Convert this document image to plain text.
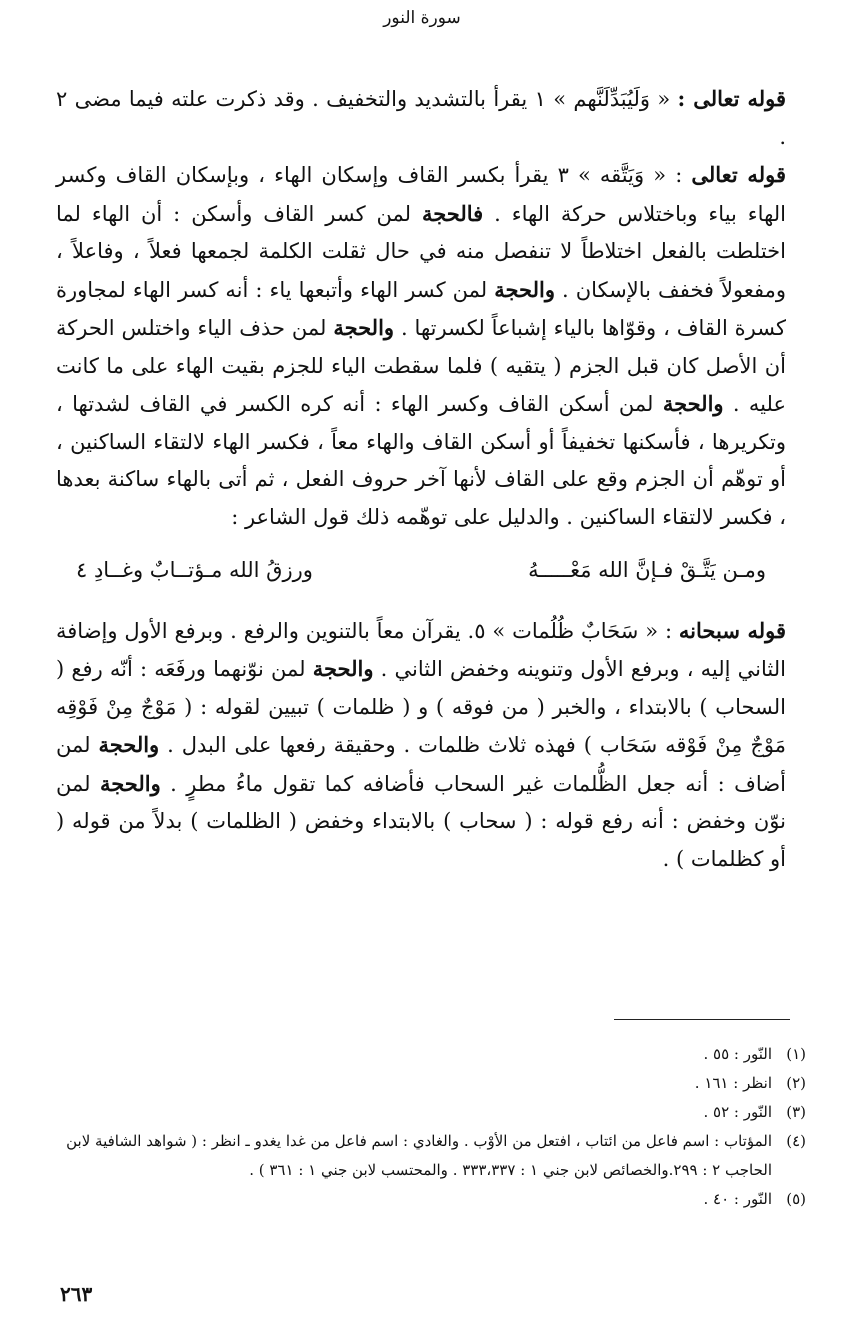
سورة النور

قوله تعالى : « وَلَيُبَدِّلَنَّهم » ١ يقرأ بالتشديد والتخفيف . وقد ذكرت علته فيما مضى ٢ .

قوله تعالى : « وَيَتَّقه » ٣ يقرأ بكسر القاف وإسكان الهاء ، وبإسكان القاف وكسر الهاء بياء وباختلاس حركة الهاء . فالحجة لمن كسر القاف وأسكن : أن الهاء لما اختلطت بالفعل اختلاطاً لا تنفصل منه في حال ثقلت الكلمة لجمعها فعلاً ، وفاعلاً ، ومفعولاً فخفف بالإسكان . والحجة لمن كسر الهاء وأتبعها ياء : أنه كسر الهاء لمجاورة كسرة القاف ، وقوّاها بالياء إشباعاً لكسرتها . والحجة لمن حذف الياء واختلس الحركة أن الأصل كان قبل الجزم ( يتقيه ) فلما سقطت الياء للجزم بقيت الهاء على ما كانت عليه . والحجة لمن أسكن القاف وكسر الهاء : أنه كره الكسر في القاف لشدتها ، وتكريرها ، فأسكنها تخفيفاً أو أسكن القاف والهاء معاً ، فكسر الهاء لالتقاء الساكنين ، أو توهّم أن الجزم وقع على القاف لأنها آخر حروف الفعل ، ثم أتى بالهاء ساكنة بعدها ، فكسر لالتقاء الساكنين . والدليل على توهّمه ذلك قول الشاعر :

ومـن يَتَّـقْ فـإنَّ الله مَعْـــــهُ
ورزقُ الله مـؤتــابٌ وغــادِ ٤

قوله سبحانه : « سَحَابٌ ظُلُمات » ٥. يقرآن معاً بالتنوين والرفع . وبرفع الأول وإضافة الثاني إليه ، وبرفع الأول وتنوينه وخفض الثاني . والحجة لمن نوّنهما ورفَعَه : أنّه رفع ( السحاب ) بالابتداء ، والخبر ( من فوقه ) و ( ظلمات ) تبيين لقوله : ( مَوْجٌ مِنْ فَوْقِه مَوْجٌ مِنْ فَوْقه سَحَاب ) فهذه ثلاث ظلمات . وحقيقة رفعها على البدل . والحجة لمن أضاف : أنه جعل الظُّلمات غير السحاب فأضافه كما تقول ماءُ مطرٍ . والحجة لمن نوّن وخفض : أنه رفع قوله : ( سحاب ) بالابتداء وخفض ( الظلمات ) بدلاً من قوله ( أو كظلمات ) .

(١)
النّور : ٥٥ .
(٢)
انظر : ١٦١ .
(٣)
النّور : ٥٢ .
(٤)
المؤتاب : اسم فاعل من ائتاب ، افتعل من الأوْب . والغادي : اسم فاعل من غدا يغدو ـ انظر : ( شواهد الشافية لابن الحاجب ٢ : ٢٩٩.والخصائص لابن جني ١ : ٣٣٣،٣٣٧ . والمحتسب لابن جني ١ : ٣٦١ ) .
(٥)
النّور : ٤٠ .
٢٦٣
